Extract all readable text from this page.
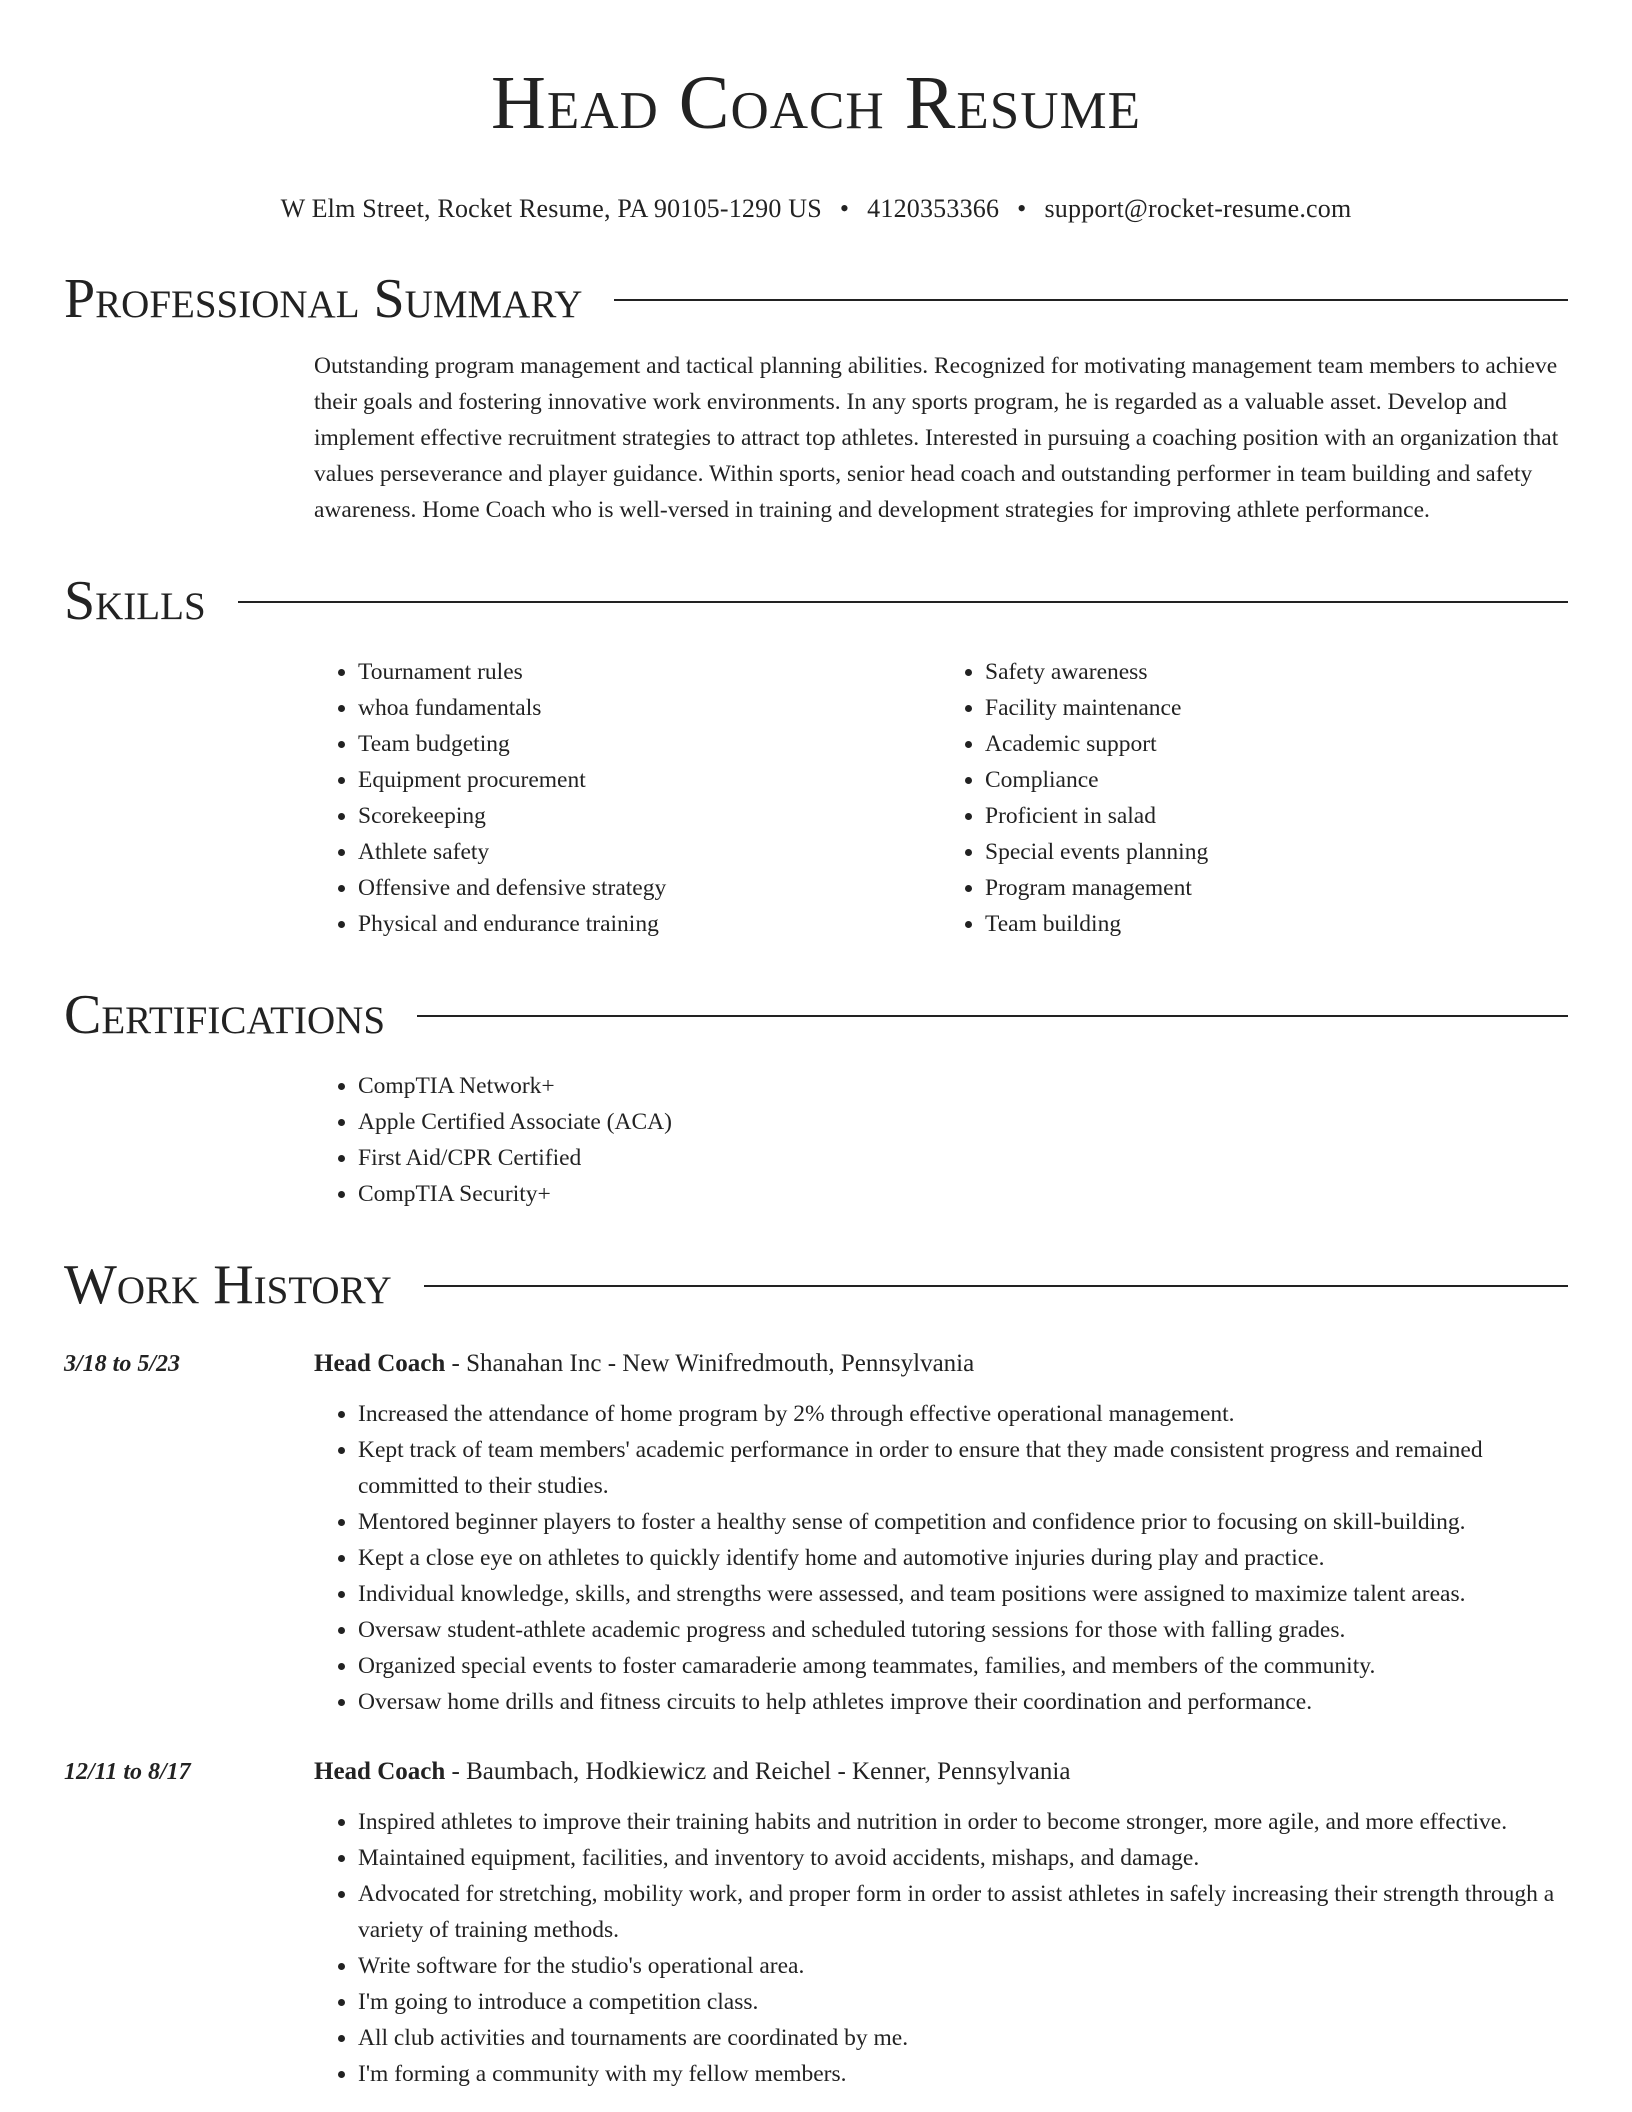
Head Coach Resume
W Elm Street, Rocket Resume, PA 90105-1290 US • 4120353366 • support@rocket-resume.com
Professional Summary
Outstanding program management and tactical planning abilities. Recognized for motivating management team members to achieve their goals and fostering innovative work environments. In any sports program, he is regarded as a valuable asset. Develop and implement effective recruitment strategies to attract top athletes. Interested in pursuing a coaching position with an organization that values perseverance and player guidance. Within sports, senior head coach and outstanding performer in team building and safety awareness. Home Coach who is well-versed in training and development strategies for improving athlete performance.
Skills
• Tournament rules
• whoa fundamentals
• Team budgeting
• Equipment procurement
• Scorekeeping
• Athlete safety
• Offensive and defensive strategy
• Physical and endurance training
• Safety awareness
• Facility maintenance
• Academic support
• Compliance
• Proficient in salad
• Special events planning
• Program management
• Team building
Certifications
• CompTIA Network+
• Apple Certified Associate (ACA)
• First Aid/CPR Certified
• CompTIA Security+
Work History
3/18 to 5/23	Head Coach - Shanahan Inc - New Winifredmouth, Pennsylvania
• Increased the attendance of home program by 2% through effective operational management.
• Kept track of team members' academic performance in order to ensure that they made consistent progress and remained committed to their studies.
• Mentored beginner players to foster a healthy sense of competition and confidence prior to focusing on skill-building.
• Kept a close eye on athletes to quickly identify home and automotive injuries during play and practice.
• Individual knowledge, skills, and strengths were assessed, and team positions were assigned to maximize talent areas.
• Oversaw student-athlete academic progress and scheduled tutoring sessions for those with falling grades.
• Organized special events to foster camaraderie among teammates, families, and members of the community.
• Oversaw home drills and fitness circuits to help athletes improve their coordination and performance.
12/11 to 8/17	Head Coach - Baumbach, Hodkiewicz and Reichel - Kenner, Pennsylvania
• Inspired athletes to improve their training habits and nutrition in order to become stronger, more agile, and more effective.
• Maintained equipment, facilities, and inventory to avoid accidents, mishaps, and damage.
• Advocated for stretching, mobility work, and proper form in order to assist athletes in safely increasing their strength through a variety of training methods.
• Write software for the studio's operational area.
• I'm going to introduce a competition class.
• All club activities and tournaments are coordinated by me.
• I'm forming a community with my fellow members.
